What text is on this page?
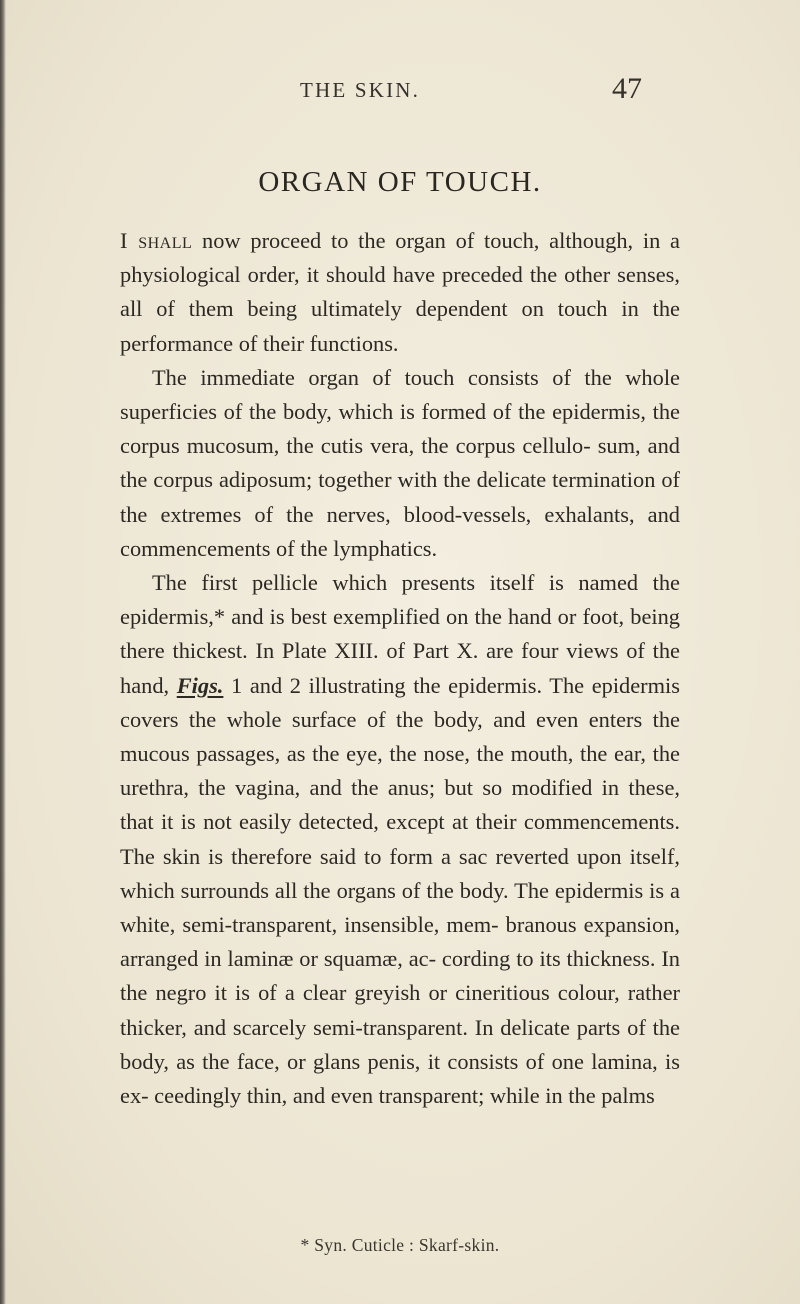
THE SKIN.	47
ORGAN OF TOUCH.

I shall now proceed to the organ of touch, although, in a physiological order, it should have preceded the other senses, all of them being ultimately dependent on touch in the performance of their functions.

The immediate organ of touch consists of the whole superficies of the body, which is formed of the epidermis, the corpus mucosum, the cutis vera, the corpus cellulo- sum, and the corpus adiposum; together with the delicate termination of the extremes of the nerves, blood-vessels, exhalants, and commencements of the lymphatics.

The first pellicle which presents itself is named the epidermis,* and is best exemplified on the hand or foot, being there thickest. In Plate XIII. of Part X. are four views of the hand, Figs. 1 and 2 illustrating the epidermis. The epidermis covers the whole surface of the body, and even enters the mucous passages, as the eye, the nose, the mouth, the ear, the urethra, the vagina, and the anus; but so modified in these, that it is not easily detected, except at their commencements. The skin is therefore said to form a sac reverted upon itself, which surrounds all the organs of the body. The epidermis is a white, semi-transparent, insensible, mem- branous expansion, arranged in laminæ or squamæ, ac- cording to its thickness. In the negro it is of a clear greyish or cineritious colour, rather thicker, and scarcely semi-transparent. In delicate parts of the body, as the face, or glans penis, it consists of one lamina, is ex- ceedingly thin, and even transparent; while in the palms

* Syn. Cuticle : Skarf-skin.
